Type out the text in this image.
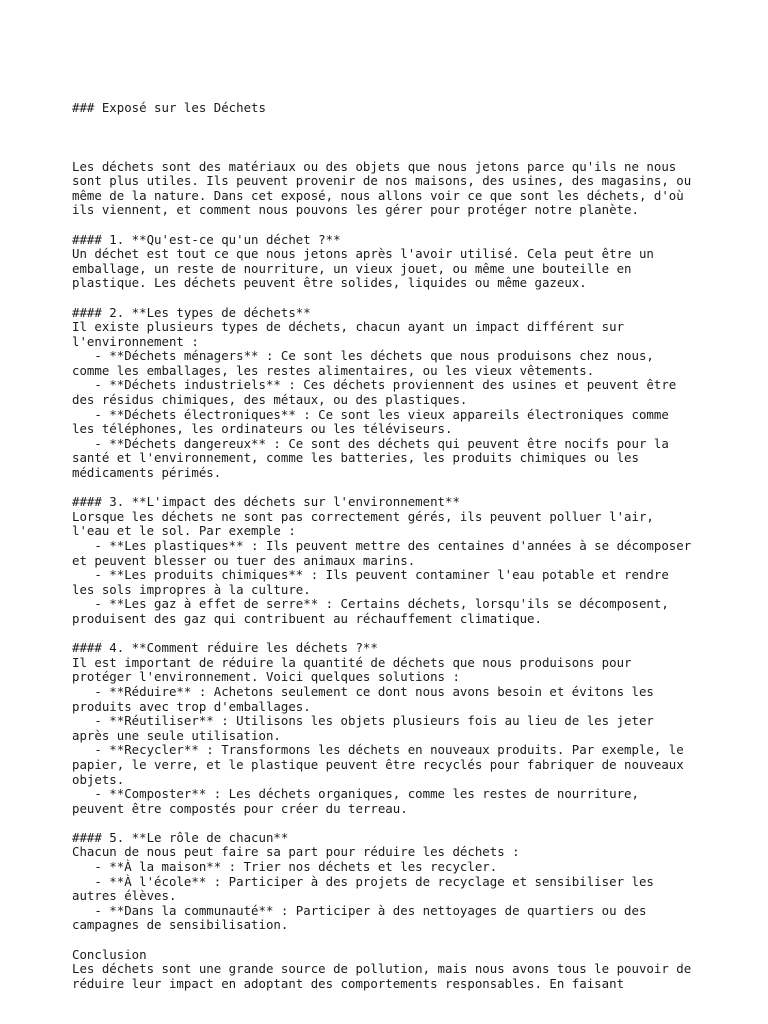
### Exposé sur les Déchets

Les déchets sont des matériaux ou des objets que nous jetons parce qu'ils ne nous
sont plus utiles. Ils peuvent provenir de nos maisons, des usines, des magasins, ou
même de la nature. Dans cet exposé, nous allons voir ce que sont les déchets, d'où
ils viennent, et comment nous pouvons les gérer pour protéger notre planète.
#### 1. **Qu'est-ce qu'un déchet ?**
Un déchet est tout ce que nous jetons après l'avoir utilisé. Cela peut être un
emballage, un reste de nourriture, un vieux jouet, ou même une bouteille en
plastique. Les déchets peuvent être solides, liquides ou même gazeux.
#### 2. **Les types de déchets**
Il existe plusieurs types de déchets, chacun ayant un impact différent sur
l'environnement :
- **Déchets ménagers** : Ce sont les déchets que nous produisons chez nous,
comme les emballages, les restes alimentaires, ou les vieux vêtements.
- **Déchets industriels** : Ces déchets proviennent des usines et peuvent être
des résidus chimiques, des métaux, ou des plastiques.
- **Déchets électroniques** : Ce sont les vieux appareils électroniques comme
les téléphones, les ordinateurs ou les téléviseurs.
- **Déchets dangereux** : Ce sont des déchets qui peuvent être nocifs pour la
santé et l'environnement, comme les batteries, les produits chimiques ou les
médicaments périmés.
#### 3. **L'impact des déchets sur l'environnement**
Lorsque les déchets ne sont pas correctement gérés, ils peuvent polluer l'air,
l'eau et le sol. Par exemple :
- **Les plastiques** : Ils peuvent mettre des centaines d'années à se décomposer
et peuvent blesser ou tuer des animaux marins.
- **Les produits chimiques** : Ils peuvent contaminer l'eau potable et rendre
les sols impropres à la culture.
- **Les gaz à effet de serre** : Certains déchets, lorsqu'ils se décomposent,
produisent des gaz qui contribuent au réchauffement climatique.
#### 4. **Comment réduire les déchets ?**
Il est important de réduire la quantité de déchets que nous produisons pour
protéger l'environnement. Voici quelques solutions :
- **Réduire** : Achetons seulement ce dont nous avons besoin et évitons les
produits avec trop d'emballages.
- **Réutiliser** : Utilisons les objets plusieurs fois au lieu de les jeter
après une seule utilisation.
- **Recycler** : Transformons les déchets en nouveaux produits. Par exemple, le
papier, le verre, et le plastique peuvent être recyclés pour fabriquer de nouveaux
objets.
- **Composter** : Les déchets organiques, comme les restes de nourriture,
peuvent être compostés pour créer du terreau.
#### 5. **Le rôle de chacun**
Chacun de nous peut faire sa part pour réduire les déchets :
- **À la maison** : Trier nos déchets et les recycler.
- **À l'école** : Participer à des projets de recyclage et sensibiliser les
autres élèves.
- **Dans la communauté** : Participer à des nettoyages de quartiers ou des
campagnes de sensibilisation.
Conclusion
Les déchets sont une grande source de pollution, mais nous avons tous le pouvoir de
réduire leur impact en adoptant des comportements responsables. En faisant
